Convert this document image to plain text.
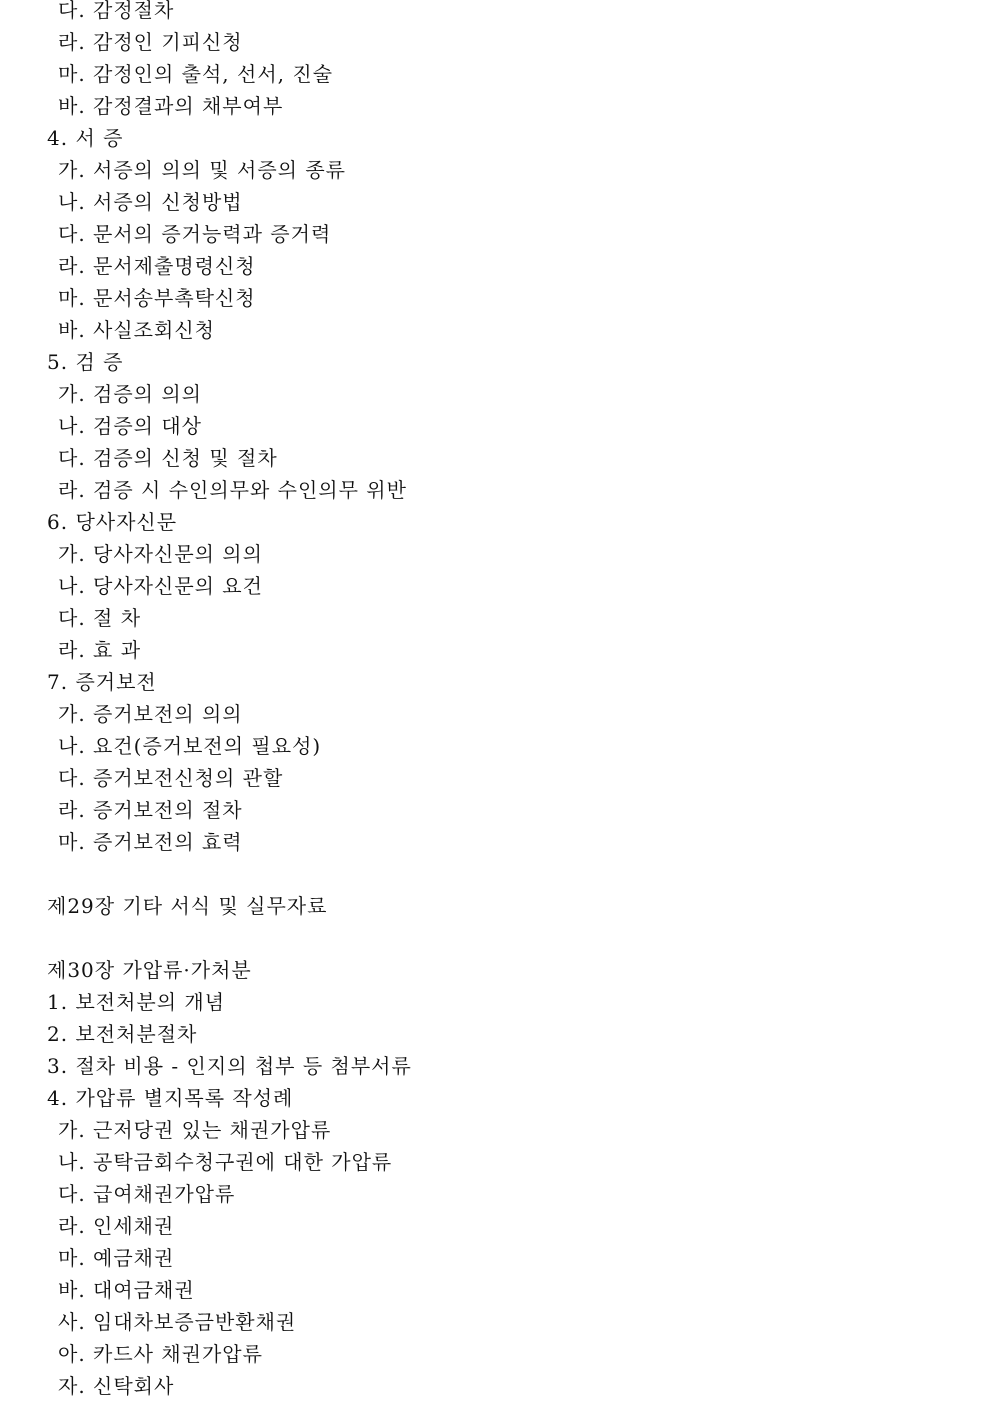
다. 감정절차
라. 감정인 기피신청
마. 감정인의 출석, 선서, 진술
바. 감정결과의 채부여부
4. 서 증
가. 서증의 의의 및 서증의 종류
나. 서증의 신청방법
다. 문서의 증거능력과 증거력
라. 문서제출명령신청
마. 문서송부촉탁신청
바. 사실조회신청
5. 검 증
가. 검증의 의의
나. 검증의 대상
다. 검증의 신청 및 절차
라. 검증 시 수인의무와 수인의무 위반
6. 당사자신문
가. 당사자신문의 의의
나. 당사자신문의 요건
다. 절 차
라. 효 과
7. 증거보전
가. 증거보전의 의의
나. 요건(증거보전의 필요성)
다. 증거보전신청의 관할
라. 증거보전의 절차
마. 증거보전의 효력
제29장 기타 서식 및 실무자료
제30장 가압류·가처분
1. 보전처분의 개념
2. 보전처분절차
3. 절차 비용 - 인지의 첩부 등 첨부서류
4. 가압류 별지목록 작성례
가. 근저당권 있는 채권가압류
나. 공탁금회수청구권에 대한 가압류
다. 급여채권가압류
라. 인세채권
마. 예금채권
바. 대여금채권
사. 임대차보증금반환채권
아. 카드사 채권가압류
자. 신탁회사
